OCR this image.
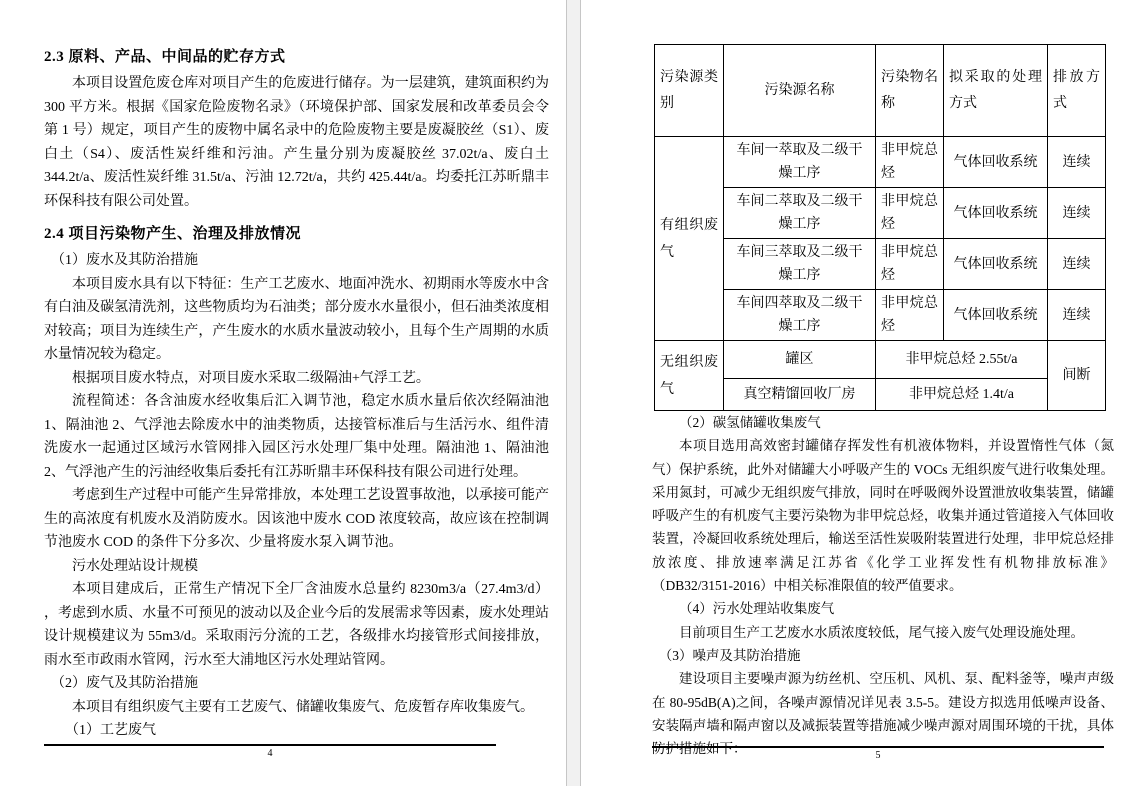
2.3 原料、产品、中间品的贮存方式

本项目设置危废仓库对项目产生的危废进行储存。为一层建筑，建筑面积约为 300 平方米。根据《国家危险废物名录》（环境保护部、国家发展和改革委员会令第 1 号）规定，项目产生的废物中属名录中的危险废物主要是废凝胶丝（S1）、废白土（S4）、废活性炭纤维和污油。产生量分别为废凝胶丝 37.02t/a、废白土 344.2t/a、废活性炭纤维 31.5t/a、污油 12.72t/a，共约 425.44t/a。均委托江苏昕鼎丰环保科技有限公司处置。

2.4 项目污染物产生、治理及排放情况

（1）废水及其防治措施

本项目废水具有以下特征：生产工艺废水、地面冲洗水、初期雨水等废水中含有白油及碳氢清洗剂，这些物质均为石油类；部分废水水量很小，但石油类浓度相对较高；项目为连续生产，产生废水的水质水量波动较小，且每个生产周期的水质水量情况较为稳定。

根据项目废水特点，对项目废水采取二级隔油+气浮工艺。

流程简述：各含油废水经收集后汇入调节池，稳定水质水量后依次经隔油池 1、隔油池 2、气浮池去除废水中的油类物质，达接管标准后与生活污水、组件清洗废水一起通过区域污水管网排入园区污水处理厂集中处理。隔油池 1、隔油池 2、气浮池产生的污油经收集后委托有江苏昕鼎丰环保科技有限公司进行处理。

考虑到生产过程中可能产生异常排放，本处理工艺设置事故池，以承接可能产生的高浓度有机废水及消防废水。因该池中废水 COD 浓度较高，故应该在控制调节池废水 COD 的条件下分多次、少量将废水泵入调节池。

污水处理站设计规模

本项目建成后，正常生产情况下全厂含油废水总量约 8230m3/a（27.4m3/d） ，考虑到水质、水量不可预见的波动以及企业今后的发展需求等因素，废水处理站设计规模建议为 55m3/d。采取雨污分流的工艺，各级排水均接管形式间接排放，雨水至市政雨水管网，污水至大浦地区污水处理站管网。

（2）废气及其防治措施

本项目有组织废气主要有工艺废气、储罐收集废气、危废暂存库收集废气。

（1）工艺废气

4
污染源类别	污染源名称	污染物名称	拟采取的处理方式	排放方式
有组织废气	车间一萃取及二级干燥工序	非甲烷总烃	气体回收系统	连续
	车间二萃取及二级干燥工序	非甲烷总烃	气体回收系统	连续
	车间三萃取及二级干燥工序	非甲烷总烃	气体回收系统	连续
	车间四萃取及二级干燥工序	非甲烷总烃	气体回收系统	连续
无组织废气	罐区	非甲烷总烃 2.55t/a		间断
	真空精馏回收厂房	非甲烷总烃 1.4t/a		

（2）碳氢储罐收集废气

本项目选用高效密封罐储存挥发性有机液体物料，并设置惰性气体（氮气）保护系统，此外对储罐大小呼吸产生的 VOCs 无组织废气进行收集处理。采用氮封，可减少无组织废气排放，同时在呼吸阀外设置泄放收集装置，储罐呼吸产生的有机废气主要污染物为非甲烷总烃，收集并通过管道接入气体回收装置，冷凝回收系统处理后，输送至活性炭吸附装置进行处理，非甲烷总烃排放浓度、排放速率满足江苏省《化学工业挥发性有机物排放标准》（DB32/3151-2016）中相关标准限值的较严值要求。

（4）污水处理站收集废气

目前项目生产工艺废水水质浓度较低，尾气接入废气处理设施处理。

（3）噪声及其防治措施

建设项目主要噪声源为纺丝机、空压机、风机、泵、配料釜等，噪声声级在 80-95dB(A)之间，各噪声源情况详见表 3.5-5。建设方拟选用低噪声设备、安装隔声墙和隔声窗以及减振装置等措施减少噪声源对周围环境的干扰，具体防护措施如下：	5
